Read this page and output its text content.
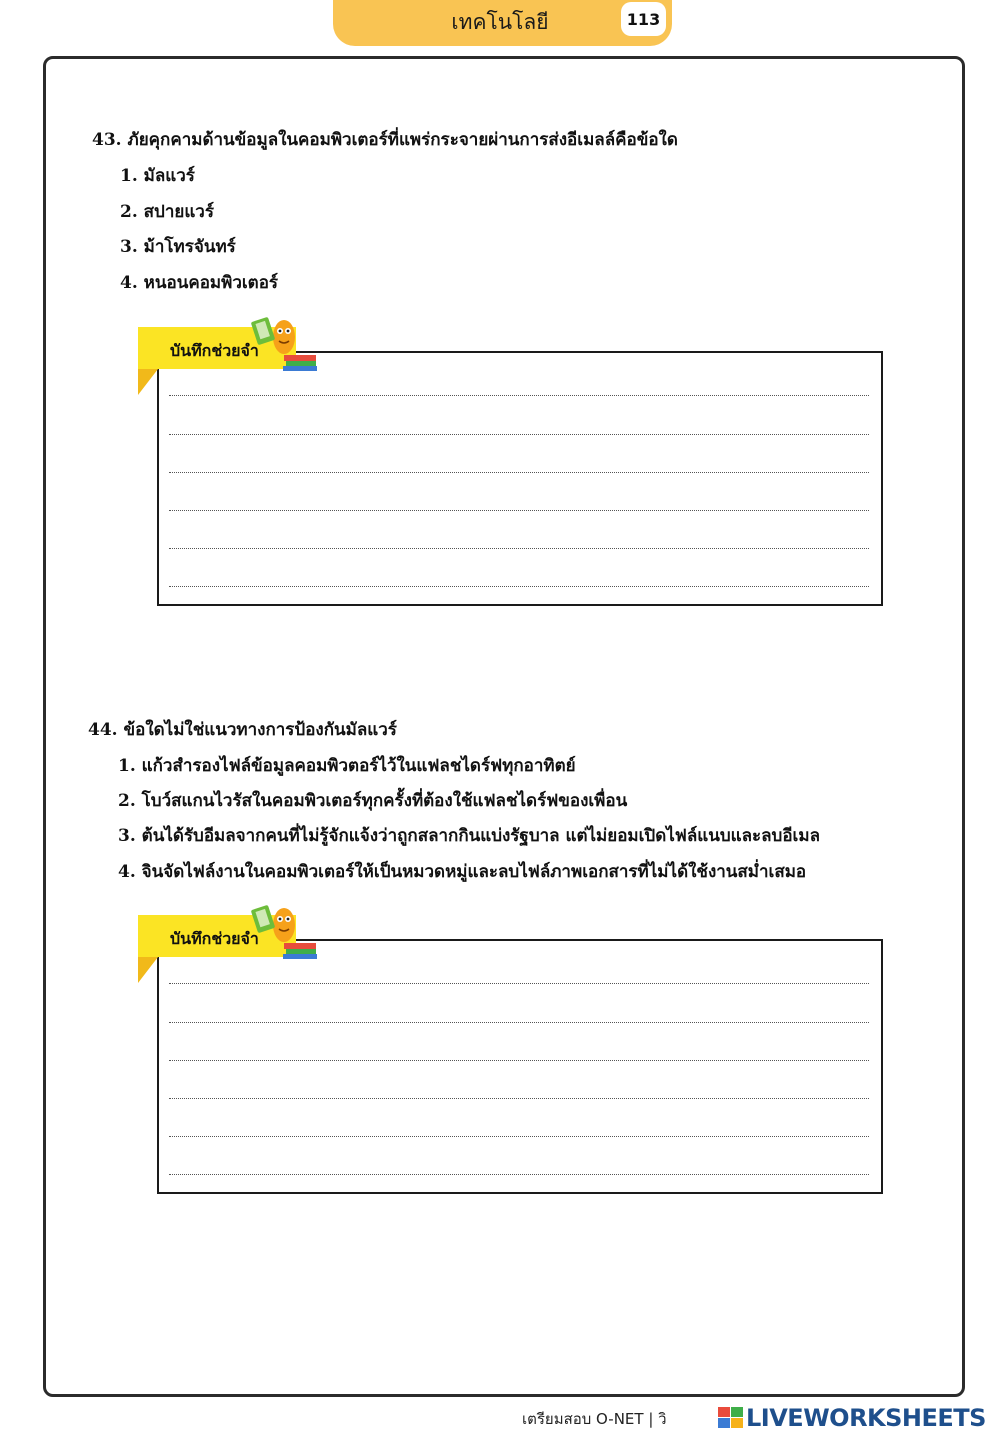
เทคโนโลยี	113
43. ภัยคุกคามด้านข้อมูลในคอมพิวเตอร์ที่แพร่กระจายผ่านการส่งอีเมลล์คือข้อใด
1. มัลแวร์
2. สปายแวร์
3. ม้าโทรจันทร์
4. หนอนคอมพิวเตอร์
บันทึกช่วยจำ
44. ข้อใดไม่ใช่แนวทางการป้องกันมัลแวร์
1. แก้วสำรองไฟล์ข้อมูลคอมพิวตอร์ไว้ในแฟลชไดร์ฟทุกอาทิตย์
2. โบว์สแกนไวรัสในคอมพิวเตอร์ทุกครั้งที่ต้องใช้แฟลชไดร์ฟของเพื่อน
3. ต้นได้รับอีมลจากคนที่ไม่รู้จักแจ้งว่าถูกสลากกินแบ่งรัฐบาล แต่ไม่ยอมเปิดไฟล์แนบและลบอีเมล
4. จินจัดไฟล์งานในคอมพิวเตอร์ให้เป็นหมวดหมู่และลบไฟล์ภาพเอกสารที่ไม่ได้ใช้งานสม่ำเสมอ
บันทึกช่วยจำ
เตรียมสอบ O-NET | วิ	LIVEWORKSHEETS
